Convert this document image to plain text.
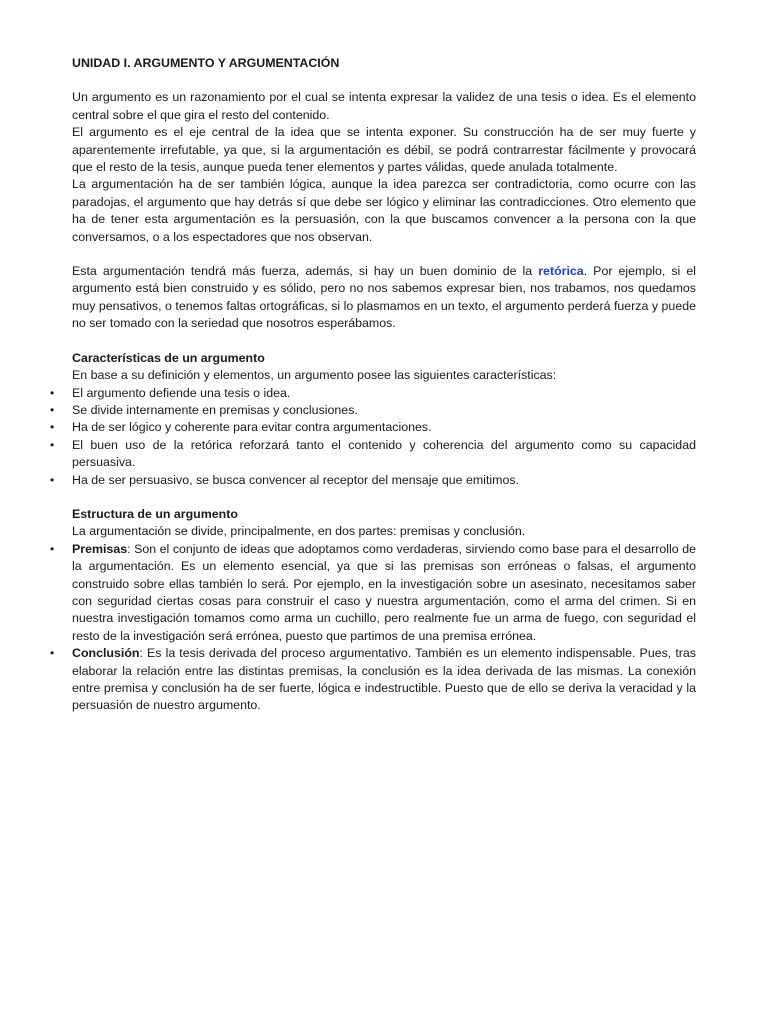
UNIDAD I. ARGUMENTO Y ARGUMENTACIÓN

Un argumento es un razonamiento por el cual se intenta expresar la validez de una tesis o idea. Es el elemento central sobre el que gira el resto del contenido.

El argumento es el eje central de la idea que se intenta exponer. Su construcción ha de ser muy fuerte y aparentemente irrefutable, ya que, si la argumentación es débil, se podrá contrarrestar fácilmente y provocará que el resto de la tesis, aunque pueda tener elementos y partes válidas, quede anulada totalmente.

La argumentación ha de ser también lógica, aunque la idea parezca ser contradictoria, como ocurre con las paradojas, el argumento que hay detrás sí que debe ser lógico y eliminar las contradicciones. Otro elemento que ha de tener esta argumentación es la persuasión, con la que buscamos convencer a la persona con la que conversamos, o a los espectadores que nos observan.

Esta argumentación tendrá más fuerza, además, si hay un buen dominio de la retórica. Por ejemplo, si el argumento está bien construido y es sólido, pero no nos sabemos expresar bien, nos trabamos, nos quedamos muy pensativos, o tenemos faltas ortográficas, si lo plasmamos en un texto, el argumento perderá fuerza y puede no ser tomado con la seriedad que nosotros esperábamos.

Características de un argumento

En base a su definición y elementos, un argumento posee las siguientes características:

• El argumento defiende una tesis o idea.
• Se divide internamente en premisas y conclusiones.
• Ha de ser lógico y coherente para evitar contra argumentaciones.
• El buen uso de la retórica reforzará tanto el contenido y coherencia del argumento como su capacidad persuasiva.
• Ha de ser persuasivo, se busca convencer al receptor del mensaje que emitimos.
Estructura de un argumento

La argumentación se divide, principalmente, en dos partes: premisas y conclusión.

• Premisas: Son el conjunto de ideas que adoptamos como verdaderas, sirviendo como base para el desarrollo de la argumentación. Es un elemento esencial, ya que si las premisas son erróneas o falsas, el argumento construido sobre ellas también lo será. Por ejemplo, en la investigación sobre un asesinato, necesitamos saber con seguridad ciertas cosas para construir el caso y nuestra argumentación, como el arma del crimen. Si en nuestra investigación tomamos como arma un cuchillo, pero realmente fue un arma de fuego, con seguridad el resto de la investigación será errónea, puesto que partimos de una premisa errónea.
• Conclusión: Es la tesis derivada del proceso argumentativo. También es un elemento indispensable. Pues, tras elaborar la relación entre las distintas premisas, la conclusión es la idea derivada de las mismas. La conexión entre premisa y conclusión ha de ser fuerte, lógica e indestructible. Puesto que de ello se deriva la veracidad y la persuasión de nuestro argumento.
